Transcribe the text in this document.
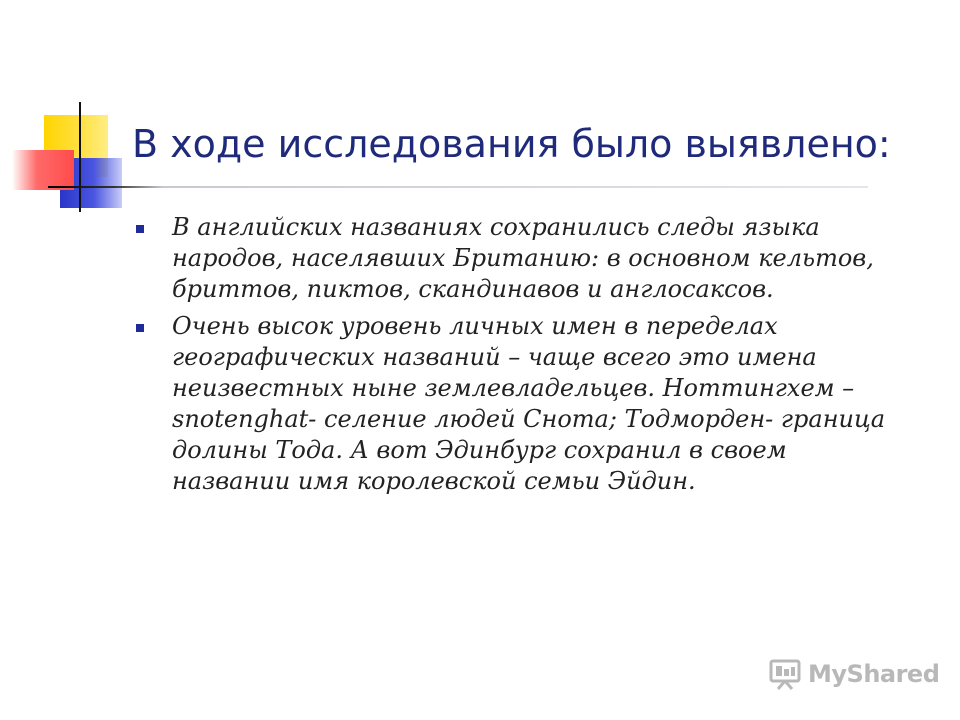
В ходе исследования было выявлено:
В английских названиях сохранились следы языка народов, населявших Британию: в основном кельтов, бриттов, пиктов, скандинавов и англосаксов.
Очень высок уровень личных имен в переделах географических названий – чаще всего это имена неизвестных ныне землевладельцев. Ноттингхем – snotenghat- селение людей Снота; Тодморден- граница долины Тода. А вот Эдинбург сохранил в своем названии имя королевской семьи Эйдин.
MyShared
